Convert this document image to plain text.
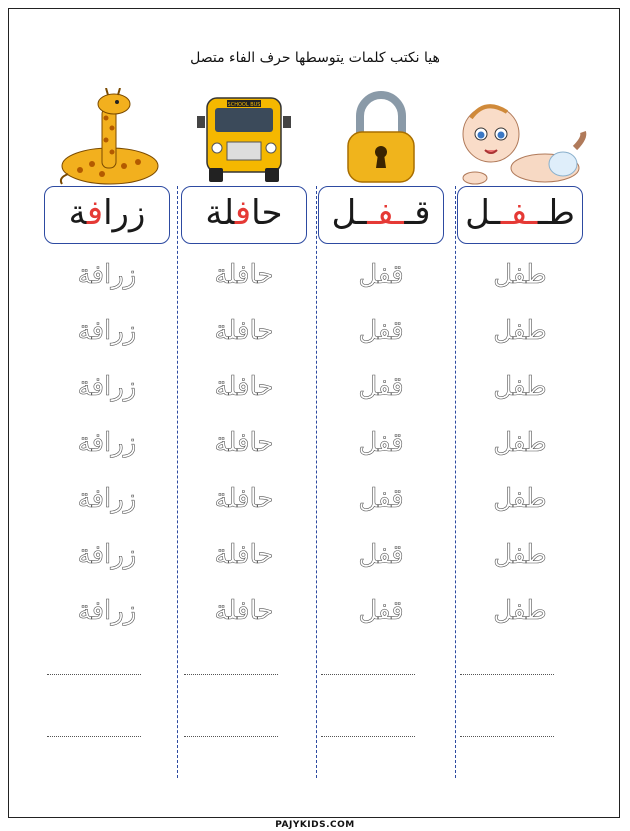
هيا نكتب كلمات يتوسطها حرف الفاء متصل
زرافة
زرافة
زرافة
زرافة
زرافة
زرافة
زرافة
زرافة
SCHOOL BUS
حافلة
حافلة
حافلة
حافلة
حافلة
حافلة
حافلة
حافلة
قــفــل
قفل
قفل
قفل
قفل
قفل
قفل
قفل
طــفــل
طفل
طفل
طفل
طفل
طفل
طفل
طفل
PAJYKIDS.COM
